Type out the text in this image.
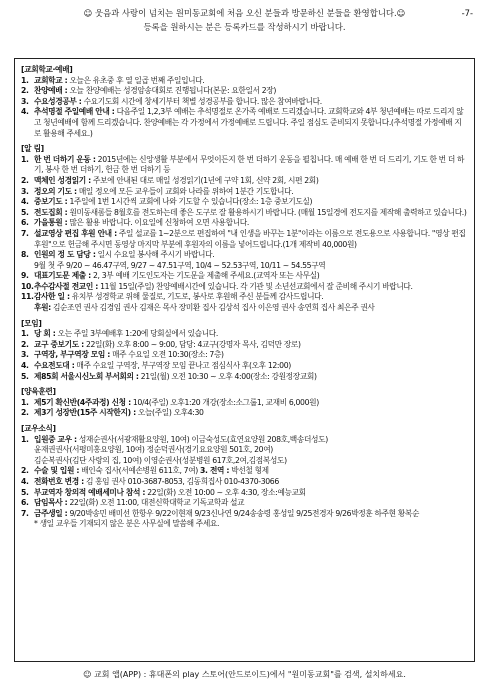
☺ 웃음과 사랑이 넘치는 원미동교회에 처음 오신 분들과 방문하신 분들을 환영합니다.☺	-7-
등록을 원하시는 분은 등록카드를 작성하시기 바랍니다.
[교회학교·예배]
1. 교회학교 : 오늘은 유초중 후 열 일곱 번째 주일입니다.
2. 찬양예배 : 오늘 찬양예배는 성경암송대회로 진행됩니다(본문: 요한일서 2장)
3. 수요성경공부 : 수요기도회 시간에 창세기부터 책별 성경공부를 합니다. 많은 참여바랍니다.
4. 추석명절 주일예배 안내 : 다음주일 1,2,3부 예배는 추석명절로 온가족 예배로 드리겠습니다. 교회학교와 4부 청년예배는 따로 드리지 않고 청년예배에 함께 드리겠습니다. 찬양예배는 각 가정에서 가정예배로 드립니다. 주일 점심도 준비되지 못합니다.(추석명절 가정예배 지로 활용해 주세요.)
[알 림]
1. 한 번 더하기 운동 : 2015년에는 신앙생활 부분에서 무엇이든지 한 번 더하기 운동을 펼칩니다. 매 예배 한 번 더 드리기, 기도 한 번 더 하기, 봉사 한 번 더하기, 헌금 한 번 더하기 등
2. 맥체인 성경읽기 : 주보에 안내된 대로 매일 성경읽기(1년에 구약 1회, 신약 2회, 시편 2회)
3. 정오의 기도 : 매일 정오에 모든 교우들이 교회와 나라를 위하여 1분간 기도합니다.
4. 중보기도 : 1주일에 1번 1시간씩 교회에 나와 기도할 수 있습니다(장소: 1층 중보기도실)
5. 전도집회 : 원미동새롬들 8월호를 전도하는데 좋은 도구로 잘 활용하시기 바랍니다. (매월 15일경에 전도지를 제작해 출력하고 있습니다.)
6. 가을통원 : 많은 활용 바랍니다. 이요일에 신청하여 오면 사용합니다.
7. 설교영상 편집 후원 안내 : 주일 설교를 1~2분으로 편집하여 "내 인생을 바꾸는 1분"이라는 이름으로 전도용으로 사용합니다. "영상 편집 후원"으로 헌금해 주시면 동영상 마지막 부분에 후원자의 이름을 넣어드립니다.(1개 제작비 40,000원)
8. 인원의 정 도 담당 : 일시 수요일 봉사해 주시기 바랍니다.
9월 첫 주 9/20 ~ 46.47구역, 9/27 ~ 47.51구역, 10/4 ~ 52.53구역, 10/11 ~ 54.55구역
9. 대표기도문 제출 : 2, 3부 예배 기도인도자는 기도문을 제출해 주세요.(교역자 또는 사무실)
10. 추수감사절 전교인 : 11월 15일(주일) 찬양예배시간에 있습니다. 각 기관 및 소년선교회에서 잘 준비해 주시기 바랍니다.
11. 감사한 일 : 유치부 성경학교 위해 물질로, 기도로, 봉사로 후원해 주신 분들께 감사드립니다.
후원: 김순조연 권사 김경임 권사 김재은 목사 장미환 집사 김상석 집사 이은영 권사 송연희 집사 최은주 권사
[모임]
1. 당 회 : 오는 주일 3부예배후 1:20에 당회실에서 있습니다.
2. 교구 중보기도 : 22일(화) 오후 8:00 ~ 9:00, 담당: 4교구(강명자 목사, 김덕만 장로)
3. 구역장, 부구역장 모임 : 매주 수요일 오전 10:30(장소: 7층)
4. 수요전도대 : 매주 수요일 구역장, 부구역장 모임 끝나고 점심식사 후(오후 12:00)
5. 제85회 서울시신노회 부서회의 : 21일(월) 오전 10:30 ~ 오후 4:00(장소: 강원정장교회)
[양육훈련]
1. 제5기 확신반(4주과정) 신청 : 10/4(주일) 오후1:20 개강(장소:소그룹1, 교재비 6,000원)
2. 제3기 성장반(15주 시작한지) : 오늘(주일) 오후4:30
[교우소식]
1. 입원중 교우 : 성재순권사(서광재활요양원, 10여) 이금숙성도(효연요양원 208호,백송더성도)
윤재권권사(서평미홍요양원, 10여) 정순덕권사(경기요요양원 501호, 20여)
김순복권사(김단 사랑의 집, 10여) 이영순권사(성분병원 617호,2여,김점복성도)
2. 수술 및 입원 : 배인숙 집사(서예손병원 611호, 7여) 3. 전역 : 박선철 형제
4. 전화번호 변경 : 김 홍임 권사 010-3687-8053, 김동희집사 010-4370-3066
5. 부교역자 창의적 예배세미나 참석 : 22일(화) 오전 10:00 ~ 오후 4:30, 장소:예능교회
6. 담임목사 : 22일(화) 오전 11:00, 대전신학대학교 기독교학과 설교
7. 금주생일 : 9/20박송민 배미선 한항우 9/22이현재 9/23신나연 9/24송송령 홍성일 9/25전경자 9/26박정훈 하주현 황복순
* 생일 교우들 기재되지 않은 분은 사무실에 말씀해 주세요.
☺ 교회 앱(APP) : 휴대폰의 play 스토어(안드로이드)에서 "원미동교회"를 검색, 설치하세요.
